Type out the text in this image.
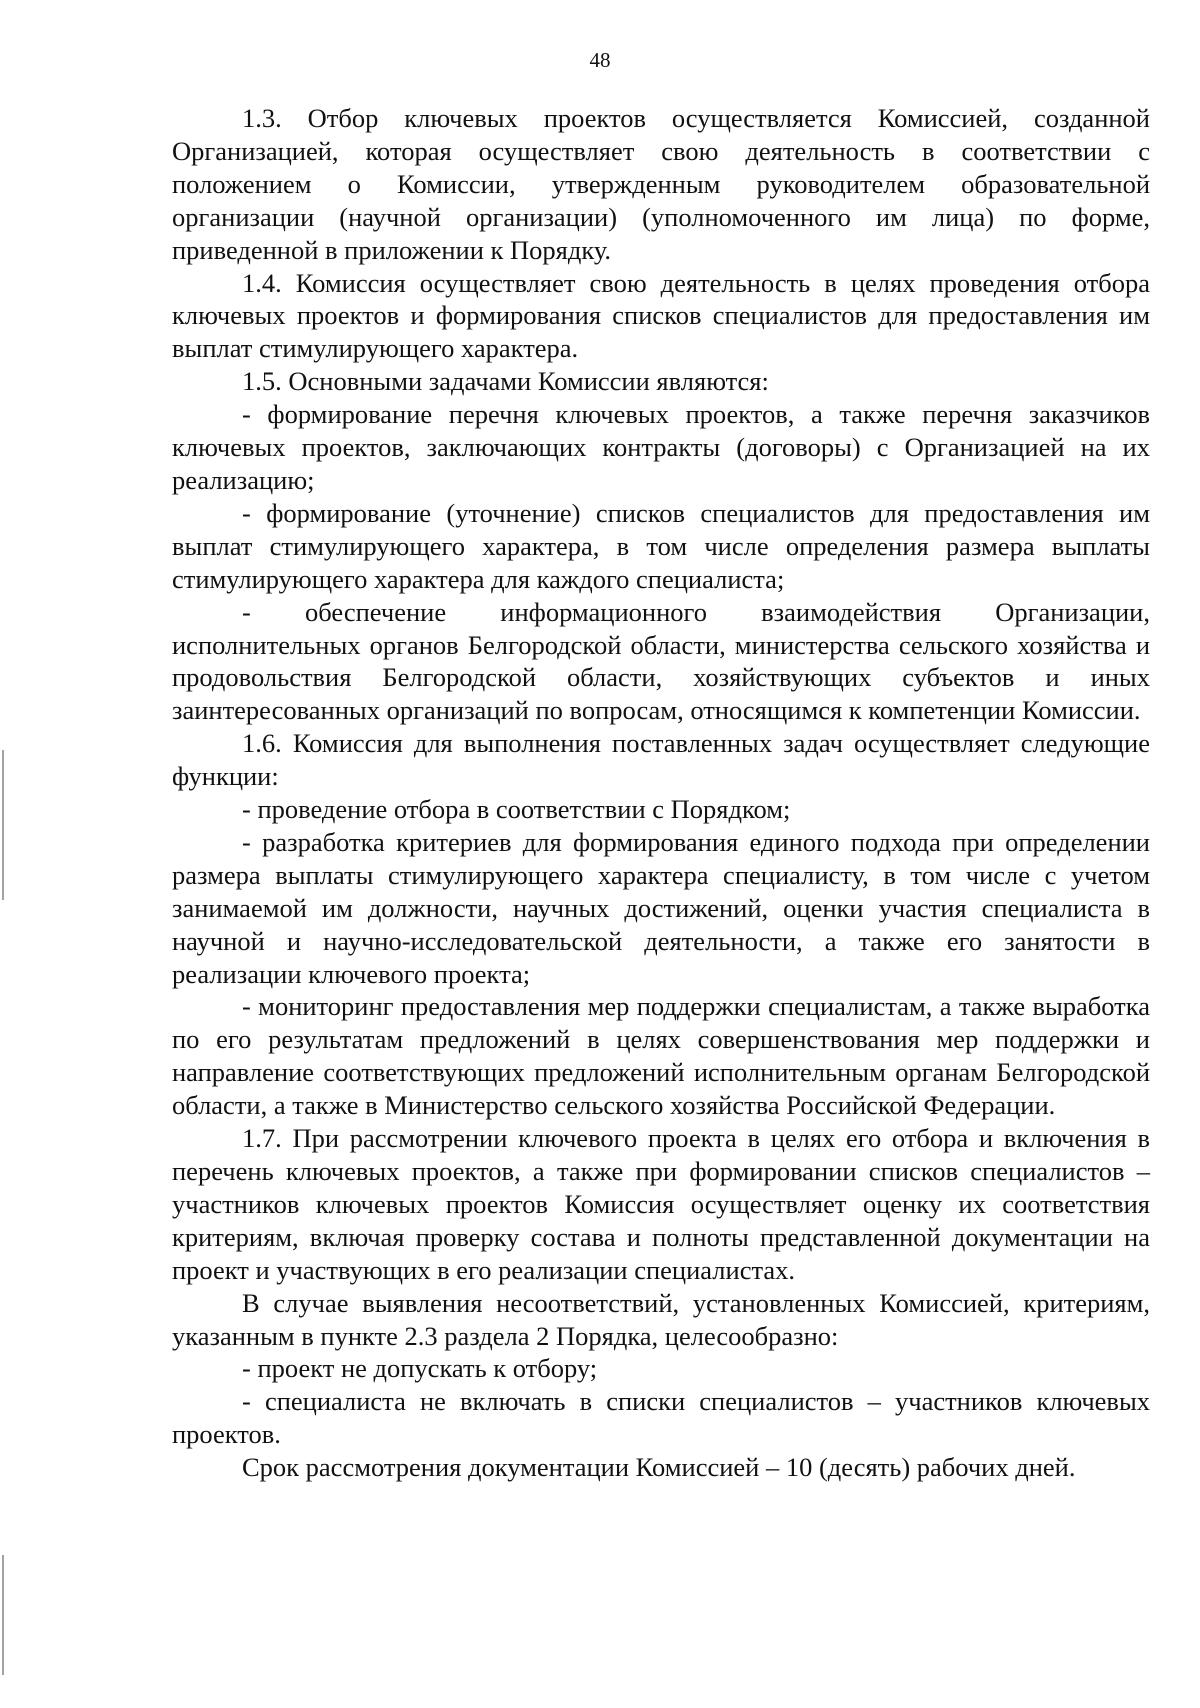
48

1.3. Отбор ключевых проектов осуществляется Комиссией, созданной Организацией, которая осуществляет свою деятельность в соответствии с положением о Комиссии, утвержденным руководителем образовательной организации (научной организации) (уполномоченного им лица) по форме, приведенной в приложении к Порядку.

1.4. Комиссия осуществляет свою деятельность в целях проведения отбора ключевых проектов и формирования списков специалистов для предоставления им выплат стимулирующего характера.

1.5. Основными задачами Комиссии являются:

- формирование перечня ключевых проектов, а также перечня заказчиков ключевых проектов, заключающих контракты (договоры) с Организацией на их реализацию;

- формирование (уточнение) списков специалистов для предоставления им выплат стимулирующего характера, в том числе определения размера выплаты стимулирующего характера для каждого специалиста;

- обеспечение информационного взаимодействия Организации, исполнительных органов Белгородской области, министерства сельского хозяйства и продовольствия Белгородской области, хозяйствующих субъектов и иных заинтересованных организаций по вопросам, относящимся к компетенции Комиссии.

1.6. Комиссия для выполнения поставленных задач осуществляет следующие функции:

- проведение отбора в соответствии с Порядком;

- разработка критериев для формирования единого подхода при определении размера выплаты стимулирующего характера специалисту, в том числе с учетом занимаемой им должности, научных достижений, оценки участия специалиста в научной и научно-исследовательской деятельности, а также его занятости в реализации ключевого проекта;

- мониторинг предоставления мер поддержки специалистам, а также выработка по его результатам предложений в целях совершенствования мер поддержки и направление соответствующих предложений исполнительным органам Белгородской области, а также в Министерство сельского хозяйства Российской Федерации.

1.7. При рассмотрении ключевого проекта в целях его отбора и включения в перечень ключевых проектов, а также при формировании списков специалистов – участников ключевых проектов Комиссия осуществляет оценку их соответствия критериям, включая проверку состава и полноты представленной документации на проект и участвующих в его реализации специалистах.

В случае выявления несоответствий, установленных Комиссией, критериям, указанным в пункте 2.3 раздела 2 Порядка, целесообразно:

- проект не допускать к отбору;

- специалиста не включать в списки специалистов – участников ключевых проектов.

Срок рассмотрения документации Комиссией – 10 (десять) рабочих дней.
